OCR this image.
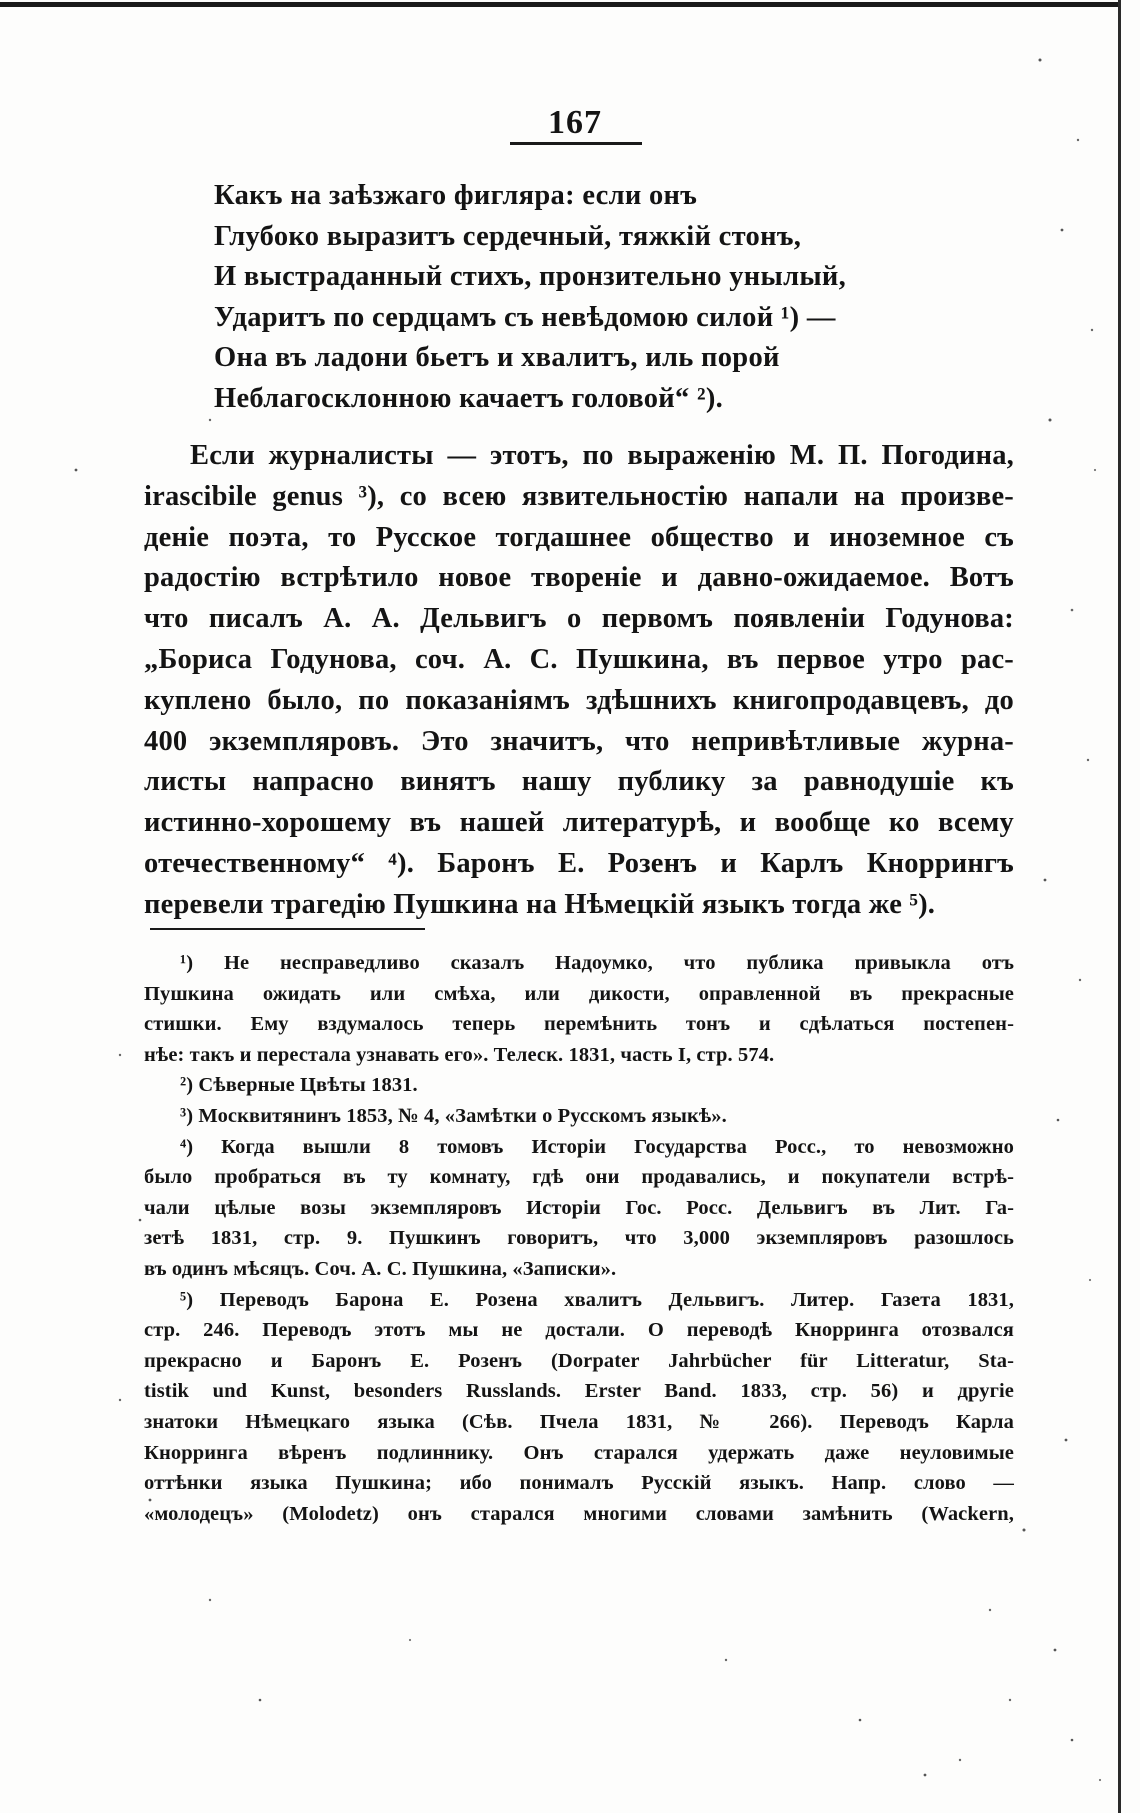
167
Какъ на заѣзжаго фигляра: если онъ
Глубоко выразитъ сердечный, тяжкій стонъ,
И выстраданный стихъ, пронзительно унылый,
Ударитъ по сердцамъ съ невѣдомою силой ¹) —
Она въ ладони бьетъ и хвалитъ, иль порой
Неблагосклонною качаетъ головой“ ²).
Если журналисты — этотъ, по выраженію М. П. Погодина,
irascibile genus ³), со всею язвительностію напали на произве-
деніе поэта, то Русское тогдашнее общество и иноземное съ
радостію встрѣтило новое твореніе и давно-ожидаемое. Вотъ
что писалъ А. А. Дельвигъ о первомъ появленіи Годунова:
„Бориса Годунова, соч. А. С. Пушкина, въ первое утро рас-
куплено было, по показаніямъ здѣшнихъ книгопродавцевъ, до
400 экземпляровъ. Это значитъ, что непривѣтливые журна-
листы напрасно винятъ нашу публику за равнодушіе къ
истинно-хорошему въ нашей литературѣ, и вообще ко всему
отечественному“ ⁴). Баронъ Е. Розенъ и Карлъ Кноррингъ
перевели трагедію Пушкина на Нѣмецкій языкъ тогда же ⁵).
¹) Не несправедливо сказалъ Надоумко, что публика привыкла отъ
Пушкина ожидать или смѣха, или дикости, оправленной въ прекрасные
стишки. Ему вздумалось теперь перемѣнить тонъ и сдѣлаться постепен-
нѣе: такъ и перестала узнавать его». Телеск. 1831, часть I, стр. 574.
²) Сѣверные Цвѣты 1831.
³) Москвитянинъ 1853, № 4, «Замѣтки о Русскомъ языкѣ».
⁴) Когда вышли 8 томовъ Исторіи Государства Росс., то невозможно
было пробраться въ ту комнату, гдѣ они продавались, и покупатели встрѣ-
чали цѣлые возы экземпляровъ Исторіи Гос. Росс. Дельвигъ въ Лит. Га-
зетѣ 1831, стр. 9. Пушкинъ говоритъ, что 3,000 экземпляровъ разошлось
въ одинъ мѣсяцъ. Соч. А. С. Пушкина, «Записки».
⁵) Переводъ Барона Е. Розена хвалитъ Дельвигъ. Литер. Газета 1831,
стр. 246. Переводъ этотъ мы не достали. О переводѣ Кнорринга отозвался
прекрасно и Баронъ Е. Розенъ (Dorpater Jahrbücher für Litteratur, Sta-
tistik und Kunst, besonders Russlands. Erster Band. 1833, стр. 56) и другіе
знатоки Нѣмецкаго языка (Сѣв. Пчела 1831, № 266). Переводъ Карла
Кнорринга вѣренъ подлиннику. Онъ старался удержать даже неуловимые
оттѣнки языка Пушкина; ибо понималъ Русскій языкъ. Напр. слово —
«молодецъ» (Molodetz) онъ старался многими словами замѣнить (Wackern,
